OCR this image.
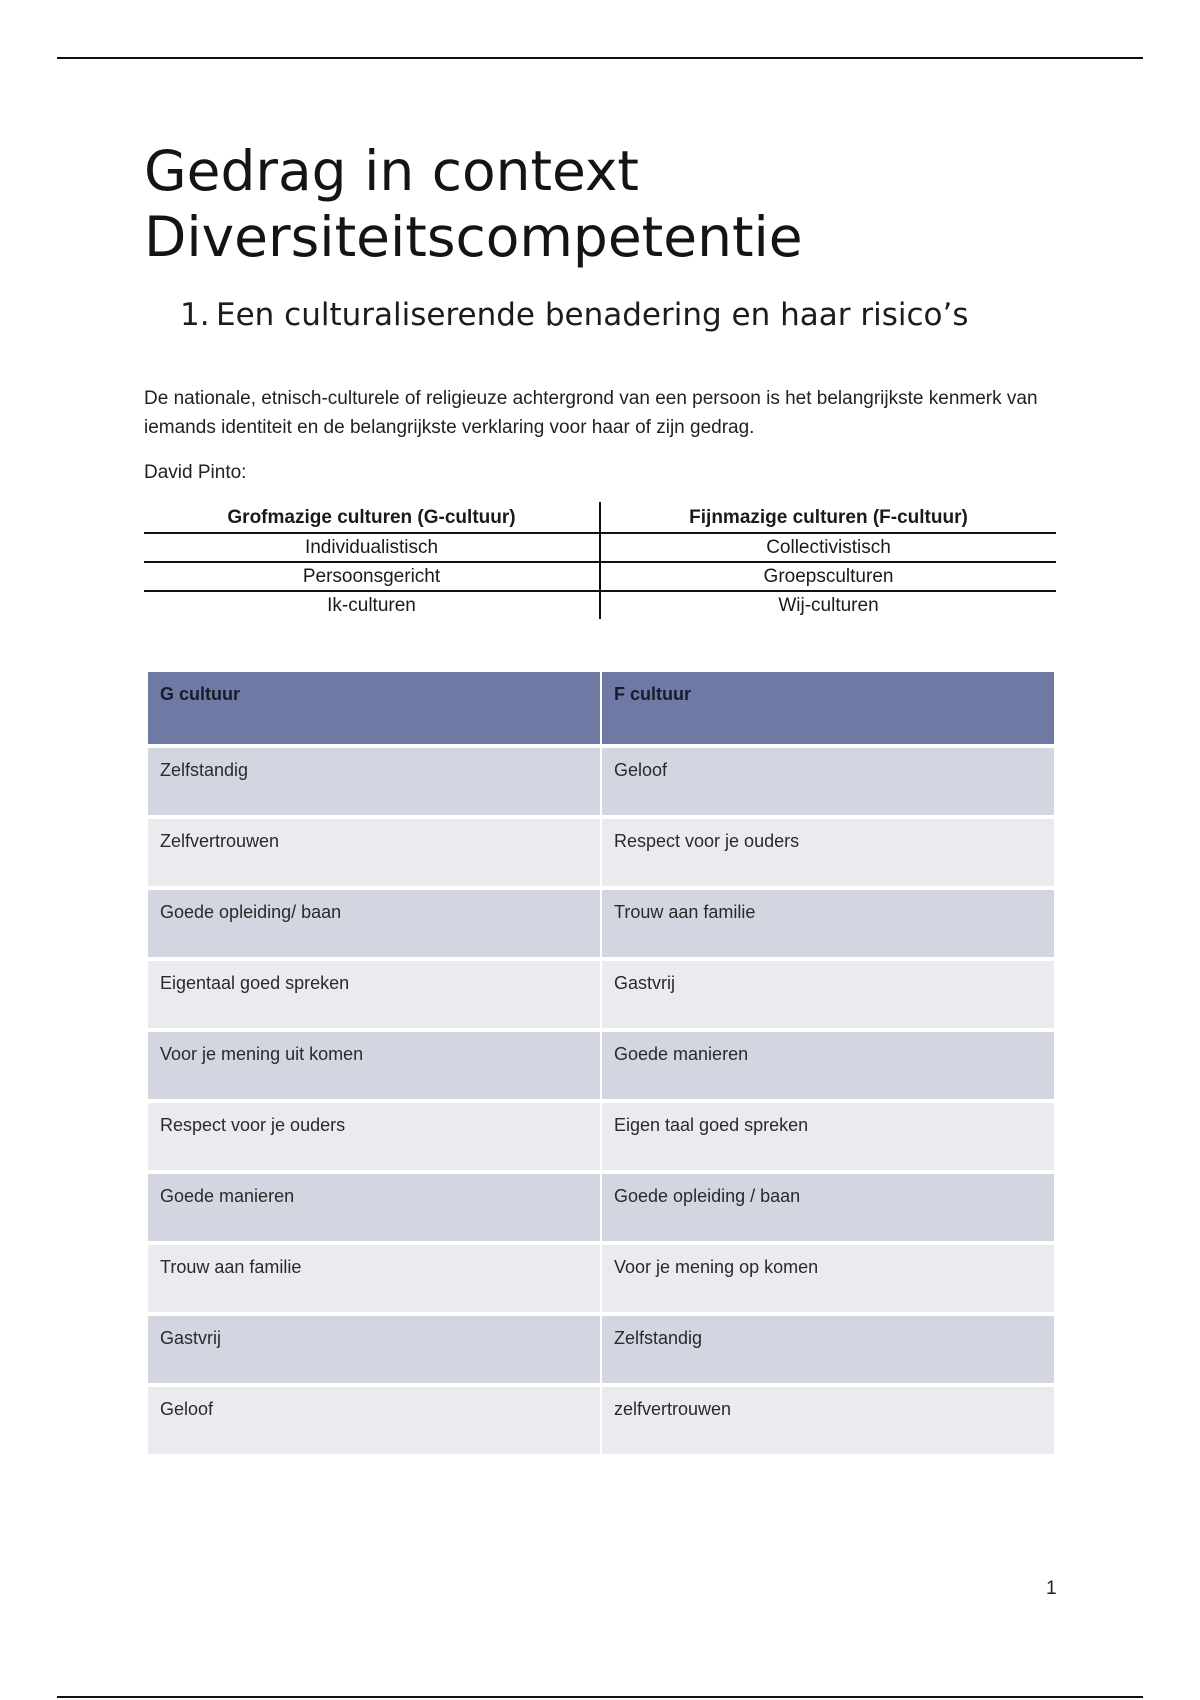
Gedrag in context
Diversiteitscompetentie
1. Een culturaliserende benadering en haar risico’s

De nationale, etnisch-culturele of religieuze achtergrond van een persoon is het belangrijkste kenmerk van iemands identiteit en de belangrijkste verklaring voor haar of zijn gedrag.

David Pinto:

Grofmazige culturen (G-cultuur)	Fijnmazige culturen (F-cultuur)
Individualistisch	Collectivistisch
Persoonsgericht	Groepsculturen
Ik-culturen	Wij-culturen
G cultuur	F cultuur
Zelfstandig	Geloof
Zelfvertrouwen	Respect voor je ouders
Goede opleiding/ baan	Trouw aan familie
Eigentaal goed spreken	Gastvrij
Voor je mening uit komen	Goede manieren
Respect voor je ouders	Eigen taal goed spreken
Goede manieren	Goede opleiding / baan
Trouw aan familie	Voor je mening op komen
Gastvrij	Zelfstandig
Geloof	zelfvertrouwen
1
